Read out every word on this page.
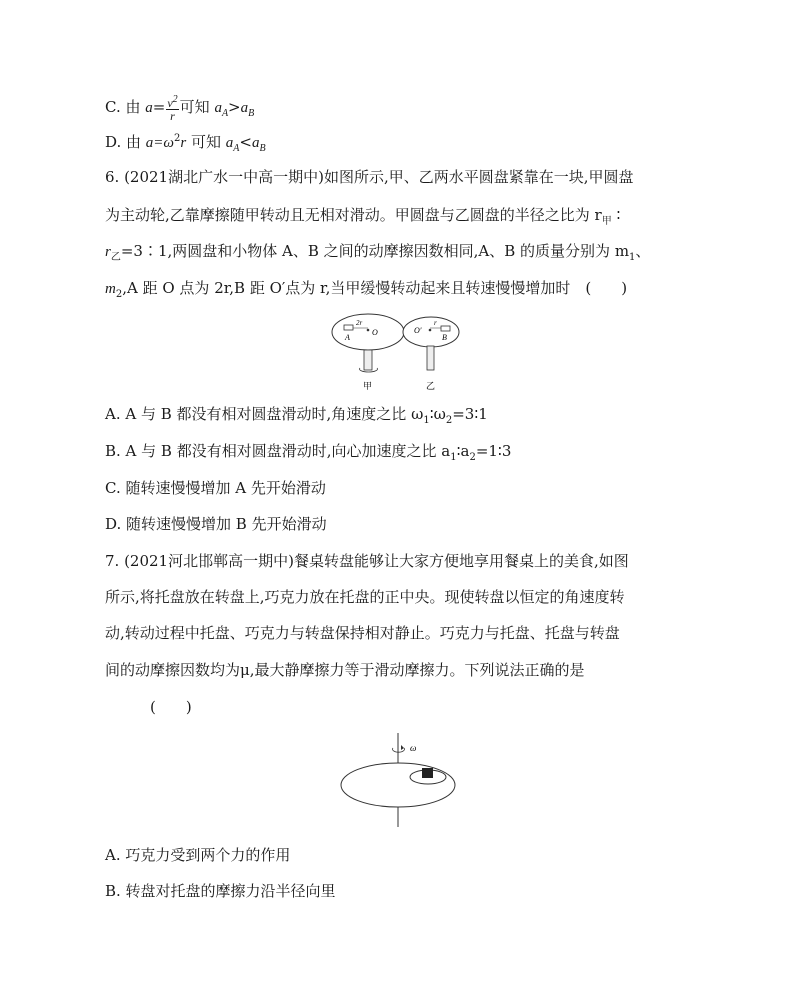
C. 由 $a= \frac{v^2}{r}$ 可知 $a_A>a_B$
D. 由 $a=\omega^2r$ 可知 $a_A<a_B$
6. (2021湖北广水一中高一期中)如图所示,甲、乙两水平圆盘紧靠在一块,甲圆盘
为主动轮,乙靠摩擦随甲转动且无相对滑动。甲圆盘与乙圆盘的半径之比为 $r_甲$ ∶
$r_乙=3∶1$,两圆盘和小物体 A、B 之间的动摩擦因数相同,A、B 的质量分别为 $m_1$、
$m_2,A$ 距 O 点为 2r,B 距 O′点为 r,当甲缓慢转动起来且转速慢慢增加时　(　　)
2r
A
O
甲
O′
r
B
乙
A. A 与 B 都没有相对圆盘滑动时,角速度之比 $\omega_1∶\omega_2=3∶1$
B. A 与 B 都没有相对圆盘滑动时,向心加速度之比 $a_1∶a_2=1∶3$
C. 随转速慢慢增加 A 先开始滑动
D. 随转速慢慢增加 B 先开始滑动
7. (2021河北邯郸高一期中)餐桌转盘能够让大家方便地享用餐桌上的美食,如图
所示,将托盘放在转盘上,巧克力放在托盘的正中央。现使转盘以恒定的角速度转
动,转动过程中托盘、巧克力与转盘保持相对静止。巧克力与托盘、托盘与转盘
间的动摩擦因数均为μ,最大静摩擦力等于滑动摩擦力。下列说法正确的是
(　　)
ω
A. 巧克力受到两个力的作用
B. 转盘对托盘的摩擦力沿半径向里
